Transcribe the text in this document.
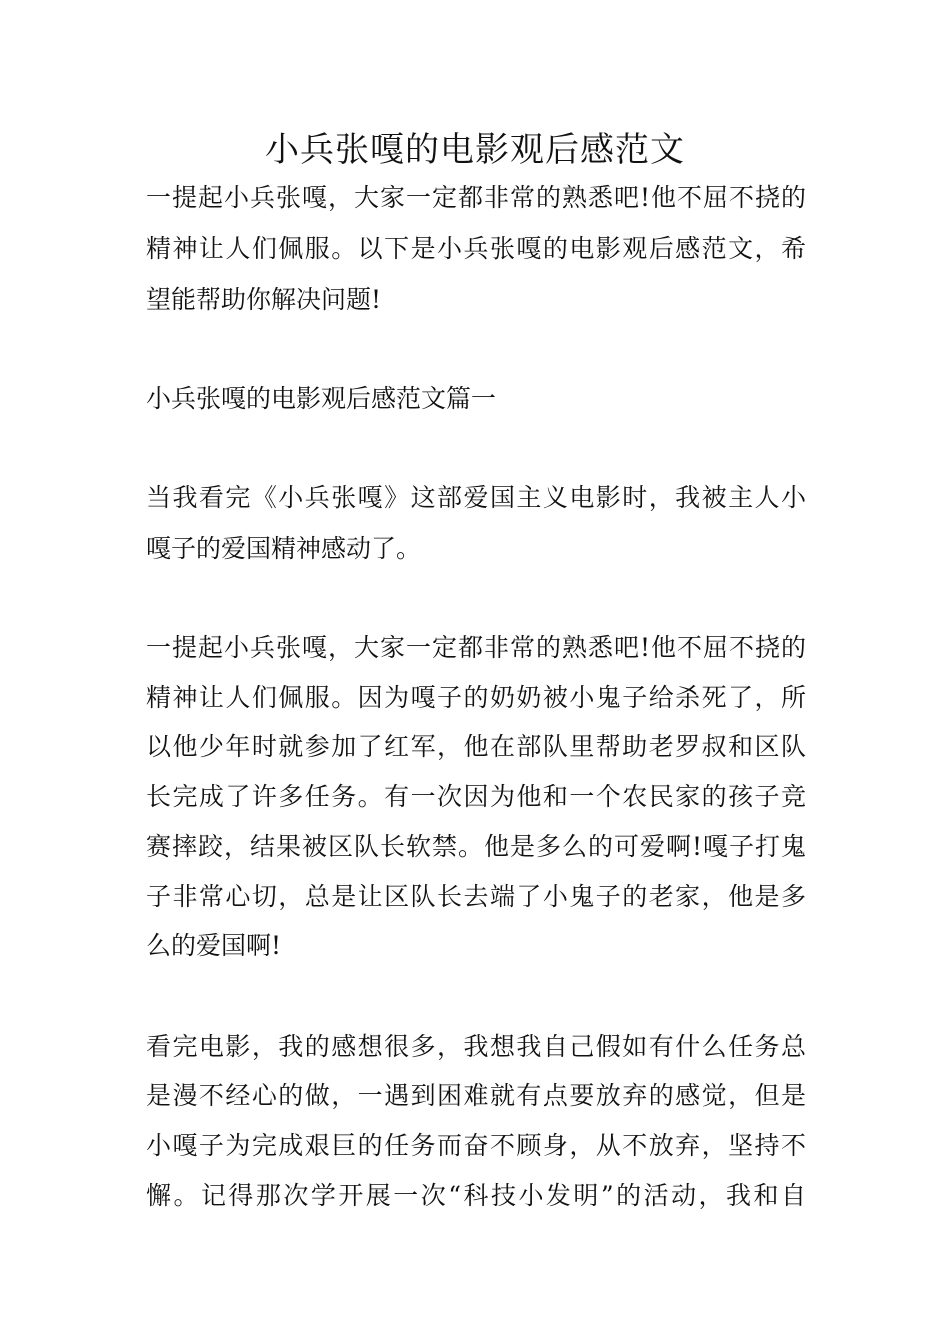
小兵张嘎的电影观后感范文

一提起小兵张嘎，大家一定都非常的熟悉吧!他不屈不挠的

精神让人们佩服。以下是小兵张嘎的电影观后感范文，希

望能帮助你解决问题!

小兵张嘎的电影观后感范文篇一

当我看完《小兵张嘎》这部爱国主义电影时，我被主人小

嘎子的爱国精神感动了。

一提起小兵张嘎，大家一定都非常的熟悉吧!他不屈不挠的

精神让人们佩服。因为嘎子的奶奶被小鬼子给杀死了，所

以他少年时就参加了红军，他在部队里帮助老罗叔和区队

长完成了许多任务。有一次因为他和一个农民家的孩子竞

赛摔跤，结果被区队长软禁。他是多么的可爱啊!嘎子打鬼

子非常心切，总是让区队长去端了小鬼子的老家，他是多

么的爱国啊!

看完电影，我的感想很多，我想我自己假如有什么任务总

是漫不经心的做，一遇到困难就有点要放弃的感觉，但是

小嘎子为完成艰巨的任务而奋不顾身，从不放弃，坚持不

懈。记得那次学开展一次“科技小发明”的活动，我和自
